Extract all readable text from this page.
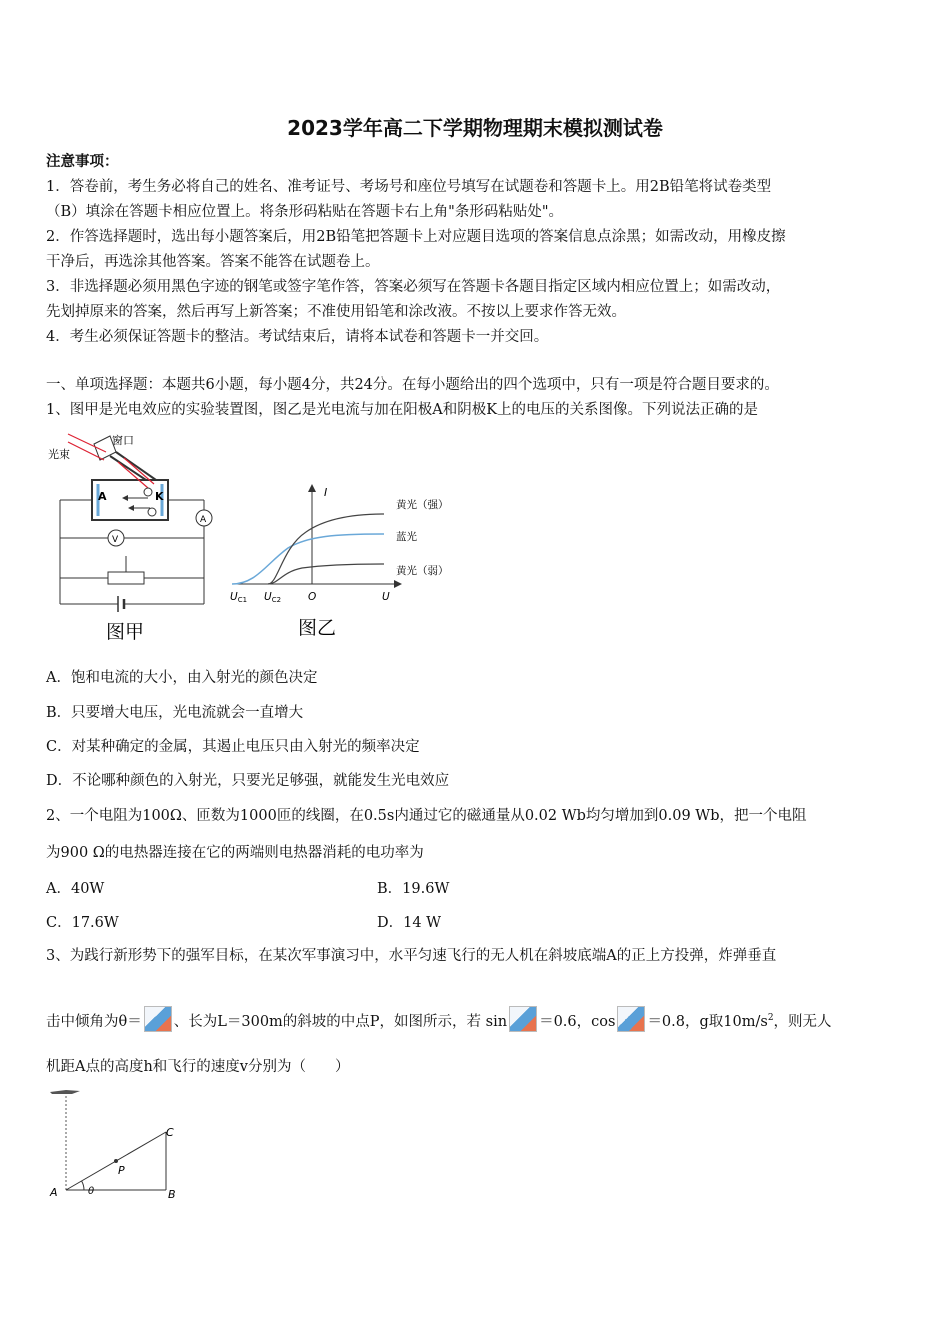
2023学年高二下学期物理期末模拟测试卷
注意事项：
1．答卷前，考生务必将自己的姓名、准考证号、考场号和座位号填写在试题卷和答题卡上。用2B铅笔将试卷类型
（B）填涂在答题卡相应位置上。将条形码粘贴在答题卡右上角"条形码粘贴处"。
2．作答选择题时，选出每小题答案后，用2B铅笔把答题卡上对应题目选项的答案信息点涂黑；如需改动，用橡皮擦
干净后，再选涂其他答案。答案不能答在试题卷上。
3．非选择题必须用黑色字迹的钢笔或签字笔作答，答案必须写在答题卡各题目指定区域内相应位置上；如需改动，
先划掉原来的答案，然后再写上新答案；不准使用铅笔和涂改液。不按以上要求作答无效。
4．考生必须保证答题卡的整洁。考试结束后，请将本试卷和答题卡一并交回。
一、单项选择题：本题共6小题，每小题4分，共24分。在每小题给出的四个选项中，只有一项是符合题目要求的。
1、图甲是光电效应的实验装置图，图乙是光电流与加在阳极A和阴极K上的电压的关系图像。下列说法正确的是
光束
窗口
A	K
A
V
图甲
I
黄光（强）
蓝光
黄光（弱）
UC1 UC2	O	U
图乙
A．饱和电流的大小，由入射光的颜色决定
B．只要增大电压，光电流就会一直增大
C．对某种确定的金属，其遏止电压只由入射光的频率决定
D．不论哪种颜色的入射光，只要光足够强，就能发生光电效应
2、一个电阻为100Ω、匝数为1000匝的线圈，在0.5s内通过它的磁通量从0.02 Wb均匀增加到0.09 Wb，把一个电阻
为900 Ω的电热器连接在它的两端则电热器消耗的电功率为
A．40W	B．19.6W
C．17.6W	D．14 W
3、为践行新形势下的强军目标，在某次军事演习中，水平匀速飞行的无人机在斜坡底端A的正上方投弹，炸弹垂直
击中倾角为θ＝ 、长为L＝300m的斜坡的中点P，如图所示，若 sin ＝0.6，cos ＝0.8，g取$10m/s^2$，则无人
机距A点的高度h和飞行的速度v分别为（　　）
A	B
C
P
θ
